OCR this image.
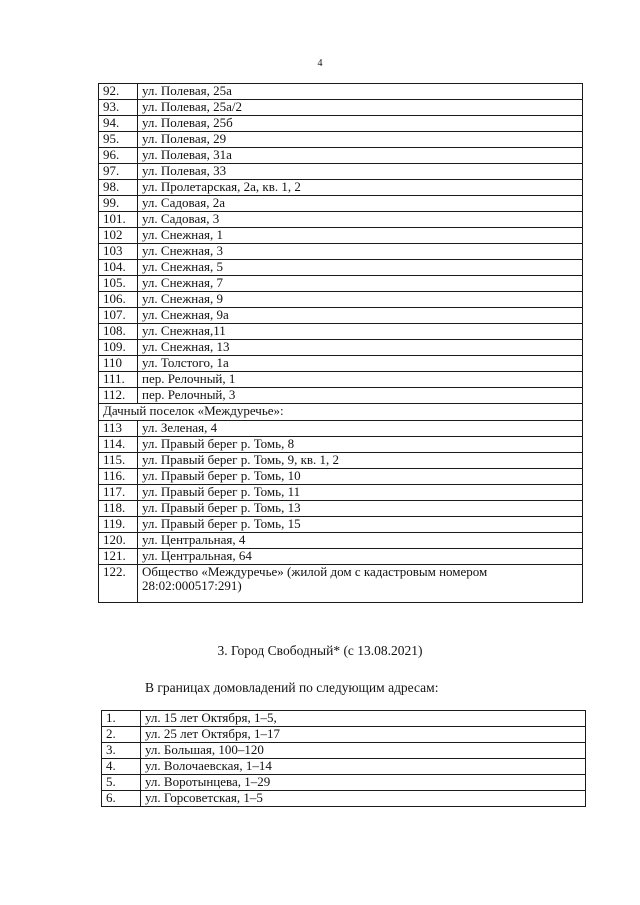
4
92.	ул. Полевая, 25а
93.	ул. Полевая, 25а/2
94.	ул. Полевая, 25б
95.	ул. Полевая, 29
96.	ул. Полевая, 31а
97.	ул. Полевая, 33
98.	ул. Пролетарская, 2а, кв. 1, 2
99.	ул. Садовая, 2а
101.	ул. Садовая, 3
102	ул. Снежная, 1
103	ул. Снежная, 3
104.	ул. Снежная, 5
105.	ул. Снежная, 7
106.	ул. Снежная, 9
107.	ул. Снежная, 9а
108.	ул. Снежная,11
109.	ул. Снежная, 13
110	ул. Толстого, 1а
111.	пер. Релочный, 1
112.	пер. Релочный, 3
Дачный поселок «Междуречье»:	
113	ул. Зеленая, 4
114.	ул. Правый берег р. Томь, 8
115.	ул. Правый берег р. Томь, 9, кв. 1, 2
116.	ул. Правый берег р. Томь, 10
117.	ул. Правый берег р. Томь, 11
118.	ул. Правый берег р. Томь, 13
119.	ул. Правый берег р. Томь, 15
120.	ул. Центральная, 4
121.	ул. Центральная, 64
122.	Общество «Междуречье» (жилой дом с кадастровым номером 28:02:000517:291)
3. Город Свободный* (с 13.08.2021)
В границах домовладений по следующим адресам:
1.	ул. 15 лет Октября, 1–5,
2.	ул. 25 лет Октября, 1–17
3.	ул. Большая, 100–120
4.	ул. Волочаевская, 1–14
5.	ул. Воротынцева, 1–29
6.	ул. Горсоветская, 1–5
